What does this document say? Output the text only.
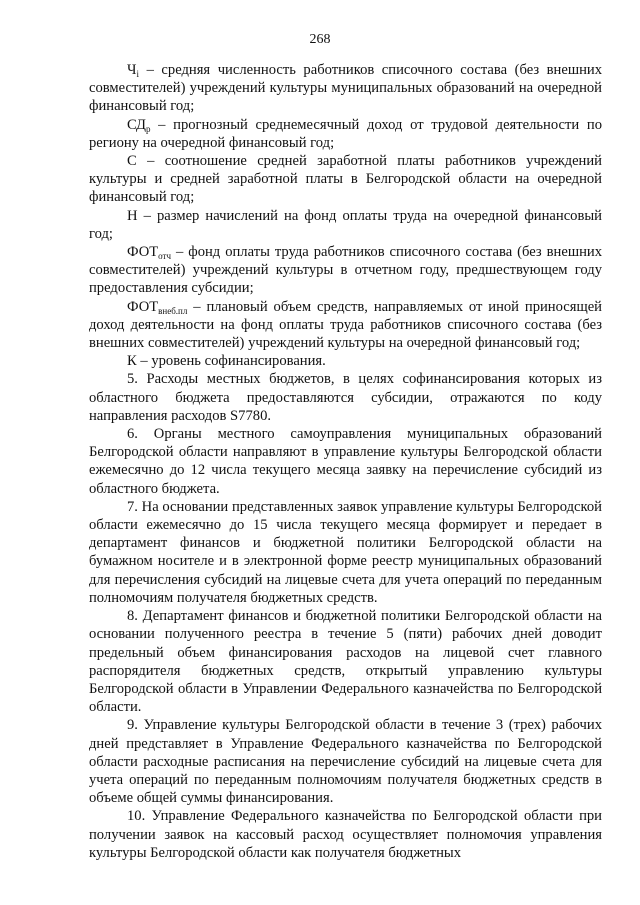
268

$Ч_i$ – средняя численность работников списочного состава (без внешних совместителей) учреждений культуры муниципальных образований на очередной финансовый год;

$СД_р$ – прогнозный среднемесячный доход от трудовой деятельности по региону на очередной финансовый год;

С – соотношение средней заработной платы работников учреждений культуры и средней заработной платы в Белгородской области на очередной финансовый год;

Н – размер начислений на фонд оплаты труда на очередной финансовый год;

$ФОТ_{отч}$ – фонд оплаты труда работников списочного состава (без внешних совместителей) учреждений культуры в отчетном году, предшествующем году предоставления субсидии;

$ФОТ_{внеб.пл}$ – плановый объем средств, направляемых от иной приносящей доход деятельности на фонд оплаты труда работников списочного состава (без внешних совместителей) учреждений культуры на очередной финансовый год;

К – уровень софинансирования.

5. Расходы местных бюджетов, в целях софинансирования которых из областного бюджета предоставляются субсидии, отражаются по коду направления расходов S7780.

6. Органы местного самоуправления муниципальных образований Белгородской области направляют в управление культуры Белгородской области ежемесячно до 12 числа текущего месяца заявку на перечисление субсидий из областного бюджета.

7. На основании представленных заявок управление культуры Белгородской области ежемесячно до 15 числа текущего месяца формирует и передает в департамент финансов и бюджетной политики Белгородской области на бумажном носителе и в электронной форме реестр муниципальных образований для перечисления субсидий на лицевые счета для учета операций по переданным полномочиям получателя бюджетных средств.

8. Департамент финансов и бюджетной политики Белгородской области на основании полученного реестра в течение 5 (пяти) рабочих дней доводит предельный объем финансирования расходов на лицевой счет главного распорядителя бюджетных средств, открытый управлению культуры Белгородской области в Управлении Федерального казначейства по Белгородской области.

9. Управление культуры Белгородской области в течение 3 (трех) рабочих дней представляет в Управление Федерального казначейства по Белгородской области расходные расписания на перечисление субсидий на лицевые счета для учета операций по переданным полномочиям получателя бюджетных средств в объеме общей суммы финансирования.

10. Управление Федерального казначейства по Белгородской области при получении заявок на кассовый расход осуществляет полномочия управления культуры Белгородской области как получателя бюджетных
